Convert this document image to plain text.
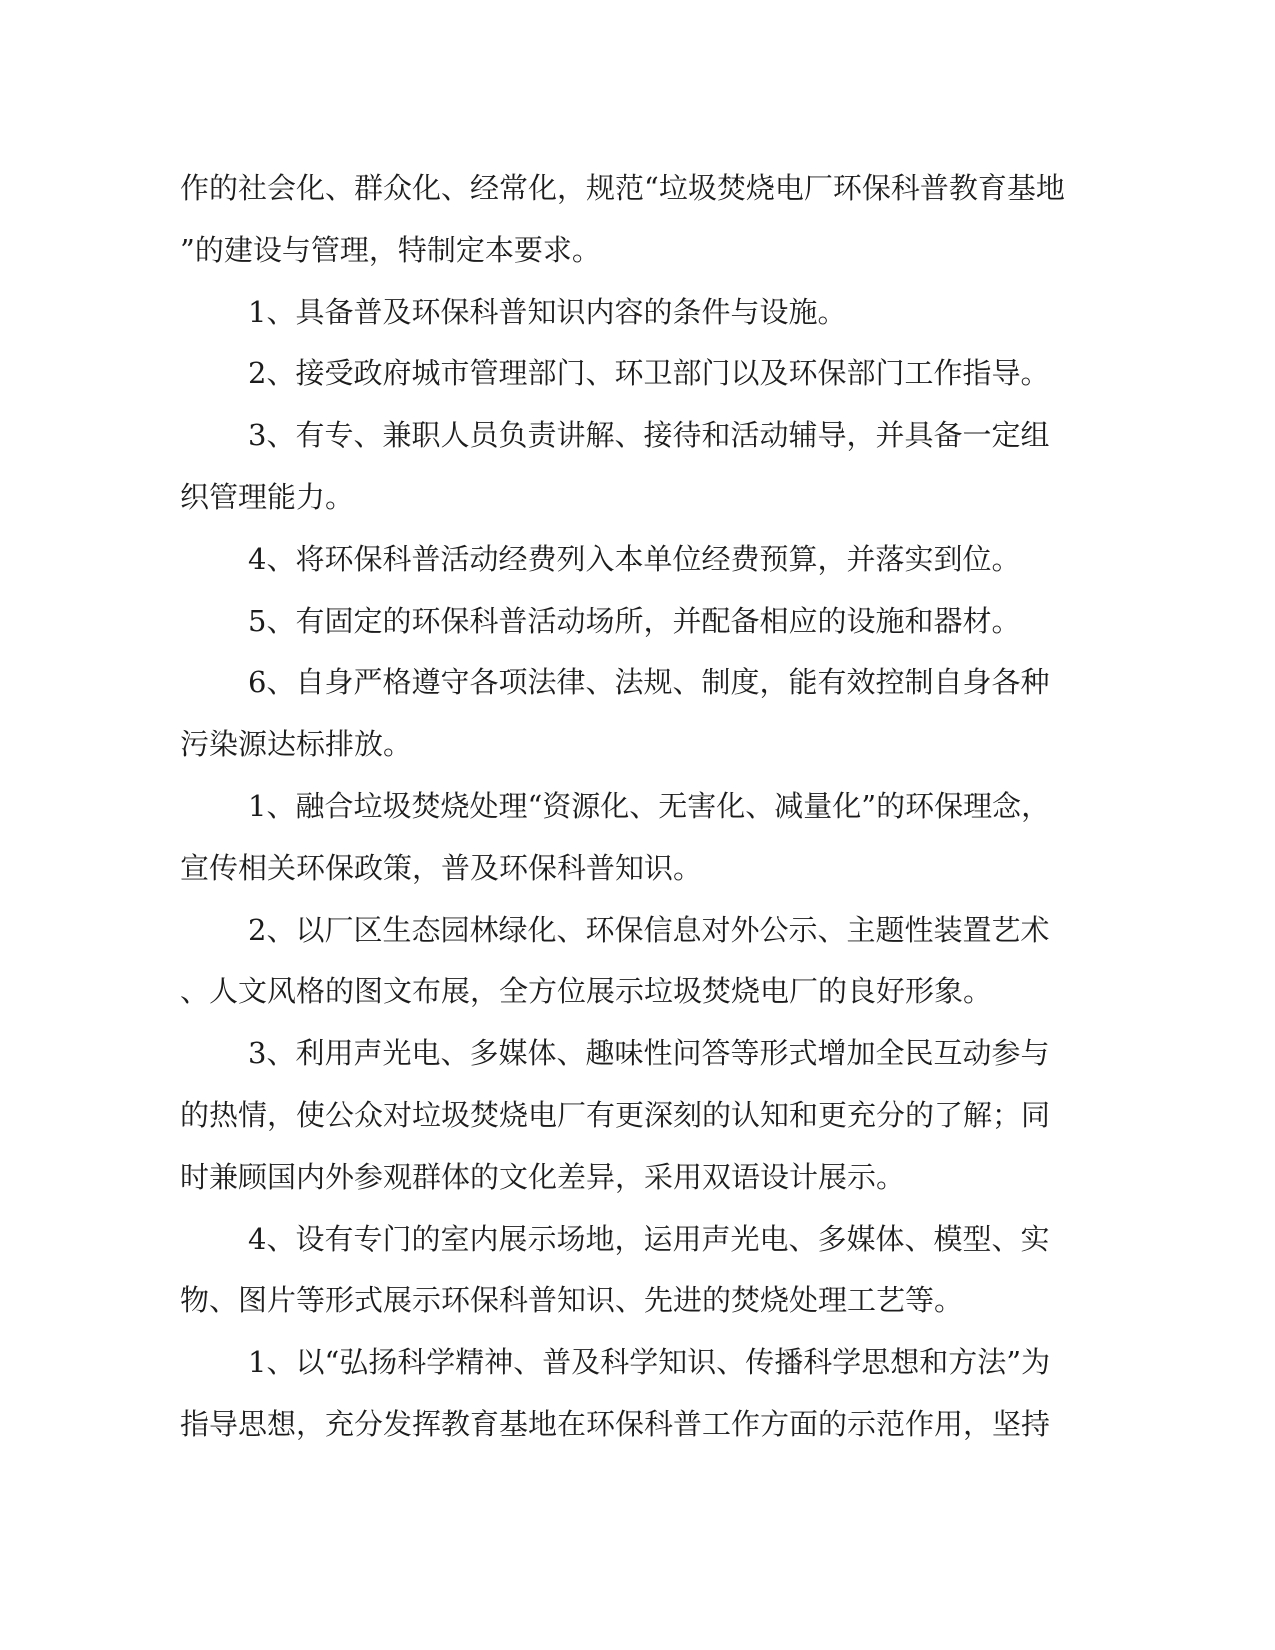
作的社会化、群众化、经常化，规范“垃圾焚烧电厂环保科普教育基地
”的建设与管理，特制定本要求。
1、具备普及环保科普知识内容的条件与设施。
2、接受政府城市管理部门、环卫部门以及环保部门工作指导。
3、有专、兼职人员负责讲解、接待和活动辅导，并具备一定组
织管理能力。
4、将环保科普活动经费列入本单位经费预算，并落实到位。
5、有固定的环保科普活动场所，并配备相应的设施和器材。
6、自身严格遵守各项法律、法规、制度，能有效控制自身各种
污染源达标排放。
1、融合垃圾焚烧处理“资源化、无害化、减量化”的环保理念，
宣传相关环保政策，普及环保科普知识。
2、以厂区生态园林绿化、环保信息对外公示、主题性装置艺术
、人文风格的图文布展，全方位展示垃圾焚烧电厂的良好形象。
3、利用声光电、多媒体、趣味性问答等形式增加全民互动参与
的热情，使公众对垃圾焚烧电厂有更深刻的认知和更充分的了解；同
时兼顾国内外参观群体的文化差异，采用双语设计展示。
4、设有专门的室内展示场地，运用声光电、多媒体、模型、实
物、图片等形式展示环保科普知识、先进的焚烧处理工艺等。
1、以“弘扬科学精神、普及科学知识、传播科学思想和方法”为
指导思想，充分发挥教育基地在环保科普工作方面的示范作用，坚持
